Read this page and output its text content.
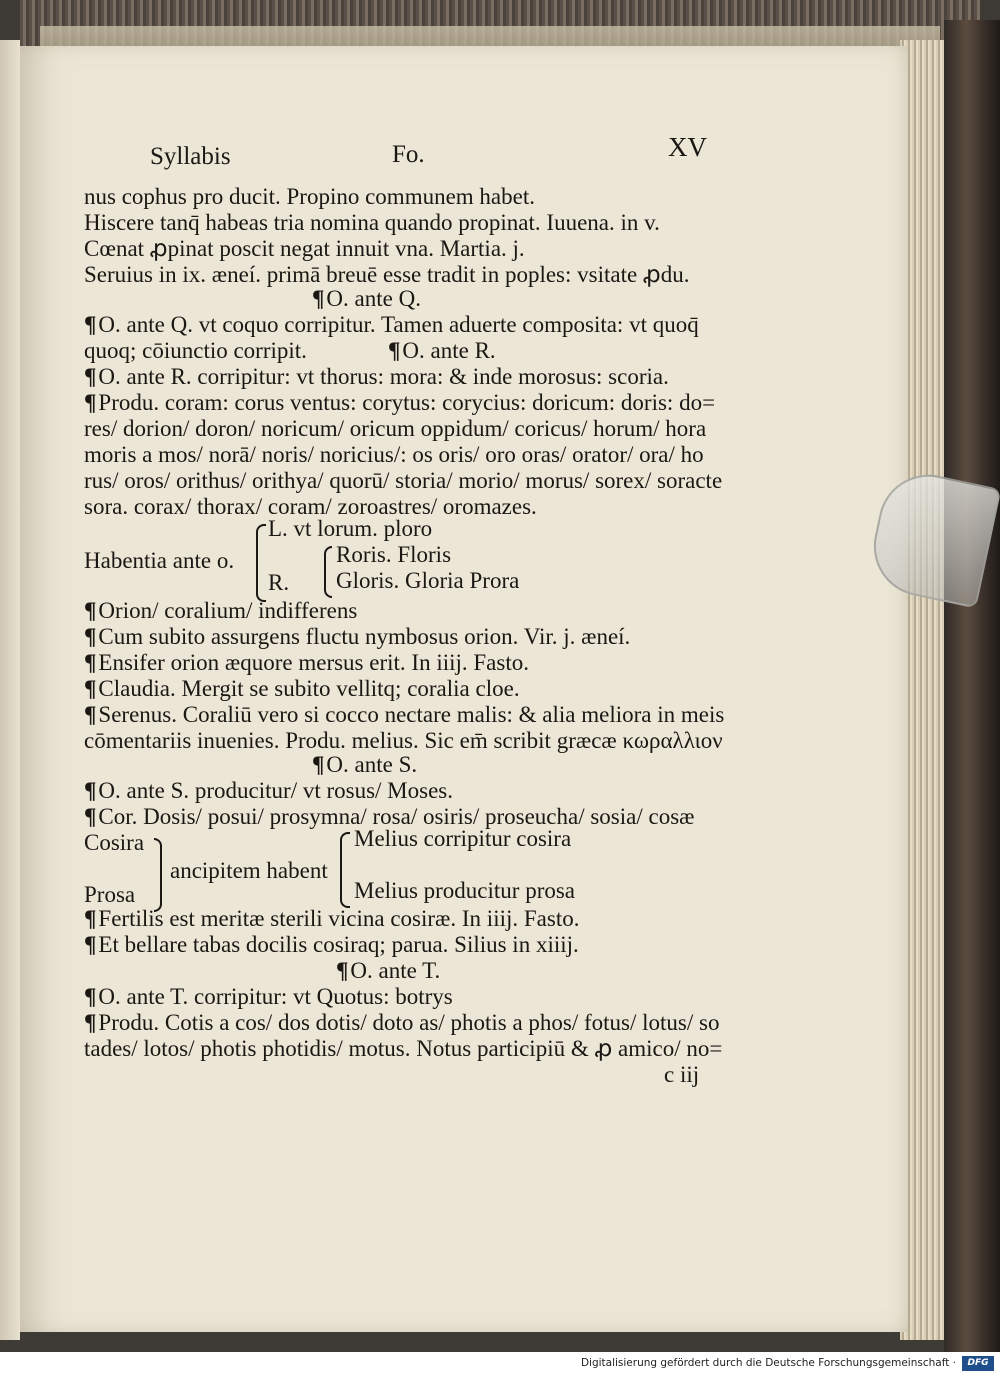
Syllabis	Fo.	XV
nus cophus pro ducit. Propino communem habet.
Hiscere tanq̄ habeas tria nomina quando propinat. Iuuena. in v.
Cœnat ꝓpinat poscit negat innuit vna. Martia. j.
Seruius in ix. æneí. primā breuē esse tradit in poples: vsitate ꝓdu.
¶ O. ante Q.
¶ O. ante Q. vt coquo corripitur. Tamen aduerte composita: vt quoq̄
quoq; cōiunctio corripit.
¶	O. ante R.
¶ O. ante R. corripitur: vt thorus: mora: & inde morosus: scoria.
¶ Produ. coram: corus ventus: corytus: corycius: doricum: doris: do=
res/ dorion/ doron/ noricum/ oricum oppidum/ coricus/ horum/ hora
moris a mos/ norā/ noris/ noricius/: os oris/ oro oras/ orator/ ora/ ho
rus/ oros/ orithus/ orithya/ quorū/ storia/ morio/ morus/ sorex/ soracte
sora. corax/ thorax/ coram/ zoroastres/ oromazes.
Habentia ante o.
L. vt lorum. ploro
R.
Roris. Floris
Gloris. Gloria Prora
¶ Orion/ coralium/ indifferens
¶ Cum subito assurgens fluctu nymbosus orion. Vir. j. æneí.
¶ Ensifer orion æquore mersus erit. In iiij. Fasto.
¶ Claudia. Mergit se subito vellitq; coralia cloe.
¶ Serenus. Coraliū vero si cocco nectare malis: & alia meliora in meis
cōmentariis inuenies. Produ. melius. Sic em̄ scribit græcæ κωραλλιον
¶ O. ante S.
¶ O. ante S. producitur/ vt rosus/ Moses.
¶ Cor. Dosis/ posui/ prosymna/ rosa/ osiris/ proseucha/ sosia/ cosæ
Cosira
Prosa
ancipitem habent
Melius corripitur cosira
Melius producitur prosa
¶ Fertilis est meritæ sterili vicina cosiræ. In iiij. Fasto.
¶ Et bellare tabas docilis cosiraq; parua. Silius in xiiij.
¶ O. ante T.
¶ O. ante T. corripitur: vt Quotus: botrys
¶ Produ. Cotis a cos/ dos dotis/ doto as/ photis a phos/ fotus/ lotus/ so
tades/ lotos/ photis photidis/ motus. Notus participiū & ꝓ amico/ no=
c iij
Digitalisierung gefördert durch die Deutsche Forschungsgemeinschaft ·	DFG
